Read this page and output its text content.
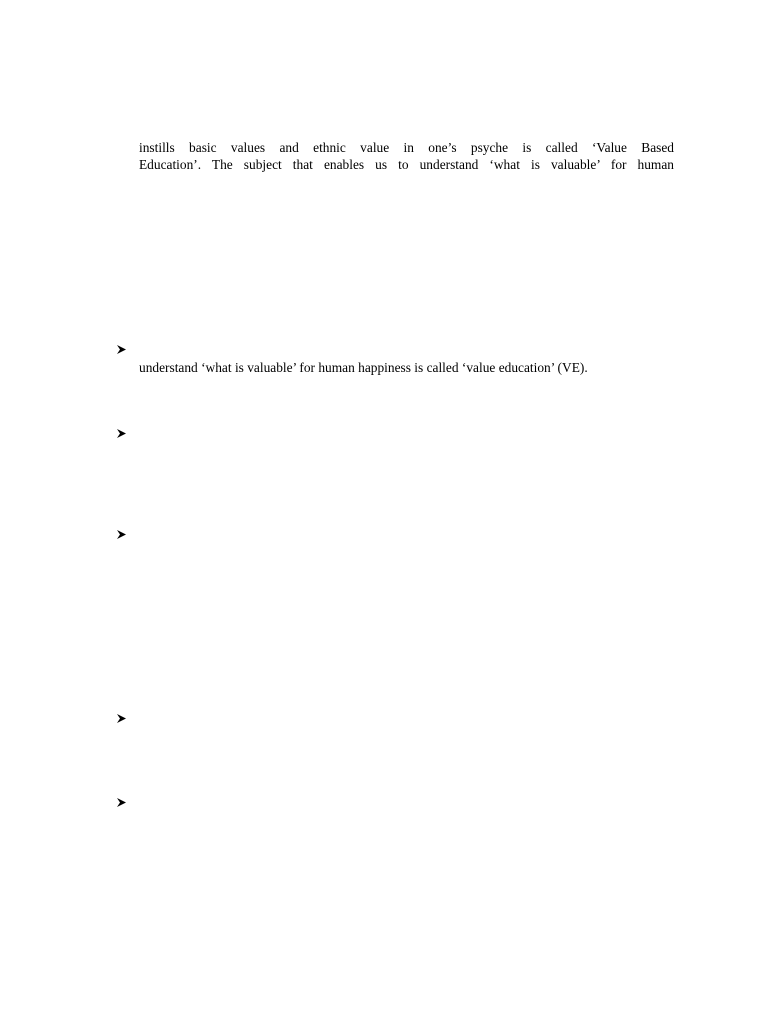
instills basic values and ethnic value in one’s psyche is called ‘Value Based
Education’. The subject that enables us to understand ‘what is valuable’ for human
understand ‘what is valuable’ for human happiness is called ‘value education’ (VE).
